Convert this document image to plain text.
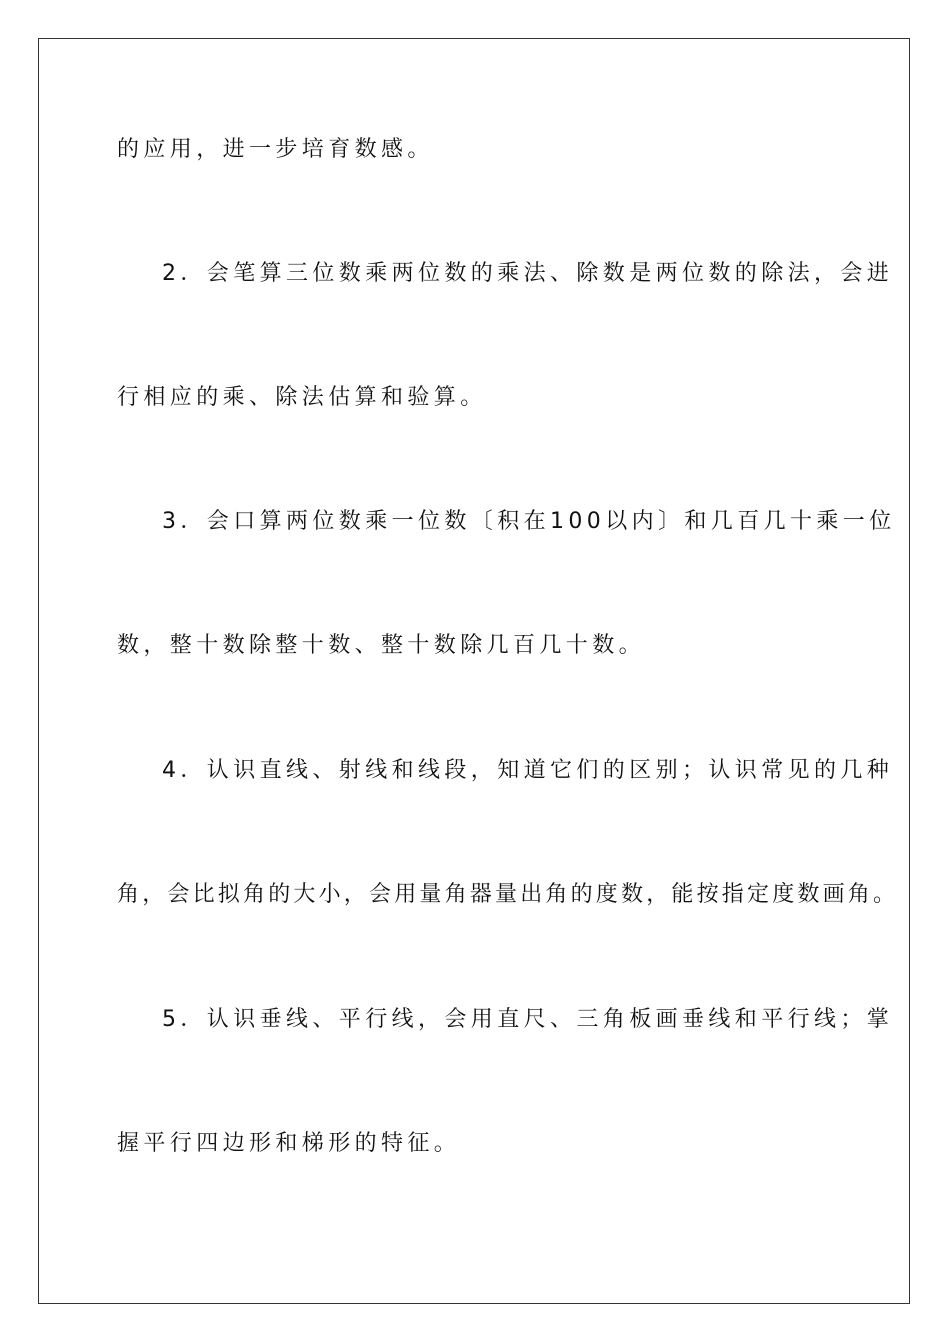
的应用，进一步培育数感。

2．会笔算三位数乘两位数的乘法、除数是两位数的除法，会进

行相应的乘、除法估算和验算。

3．会口算两位数乘一位数〔积在100以内〕和几百几十乘一位

数，整十数除整十数、整十数除几百几十数。

4．认识直线、射线和线段，知道它们的区别；认识常见的几种

角，会比拟角的大小，会用量角器量出角的度数，能按指定度数画角。

5．认识垂线、平行线，会用直尺、三角板画垂线和平行线；掌

握平行四边形和梯形的特征。
